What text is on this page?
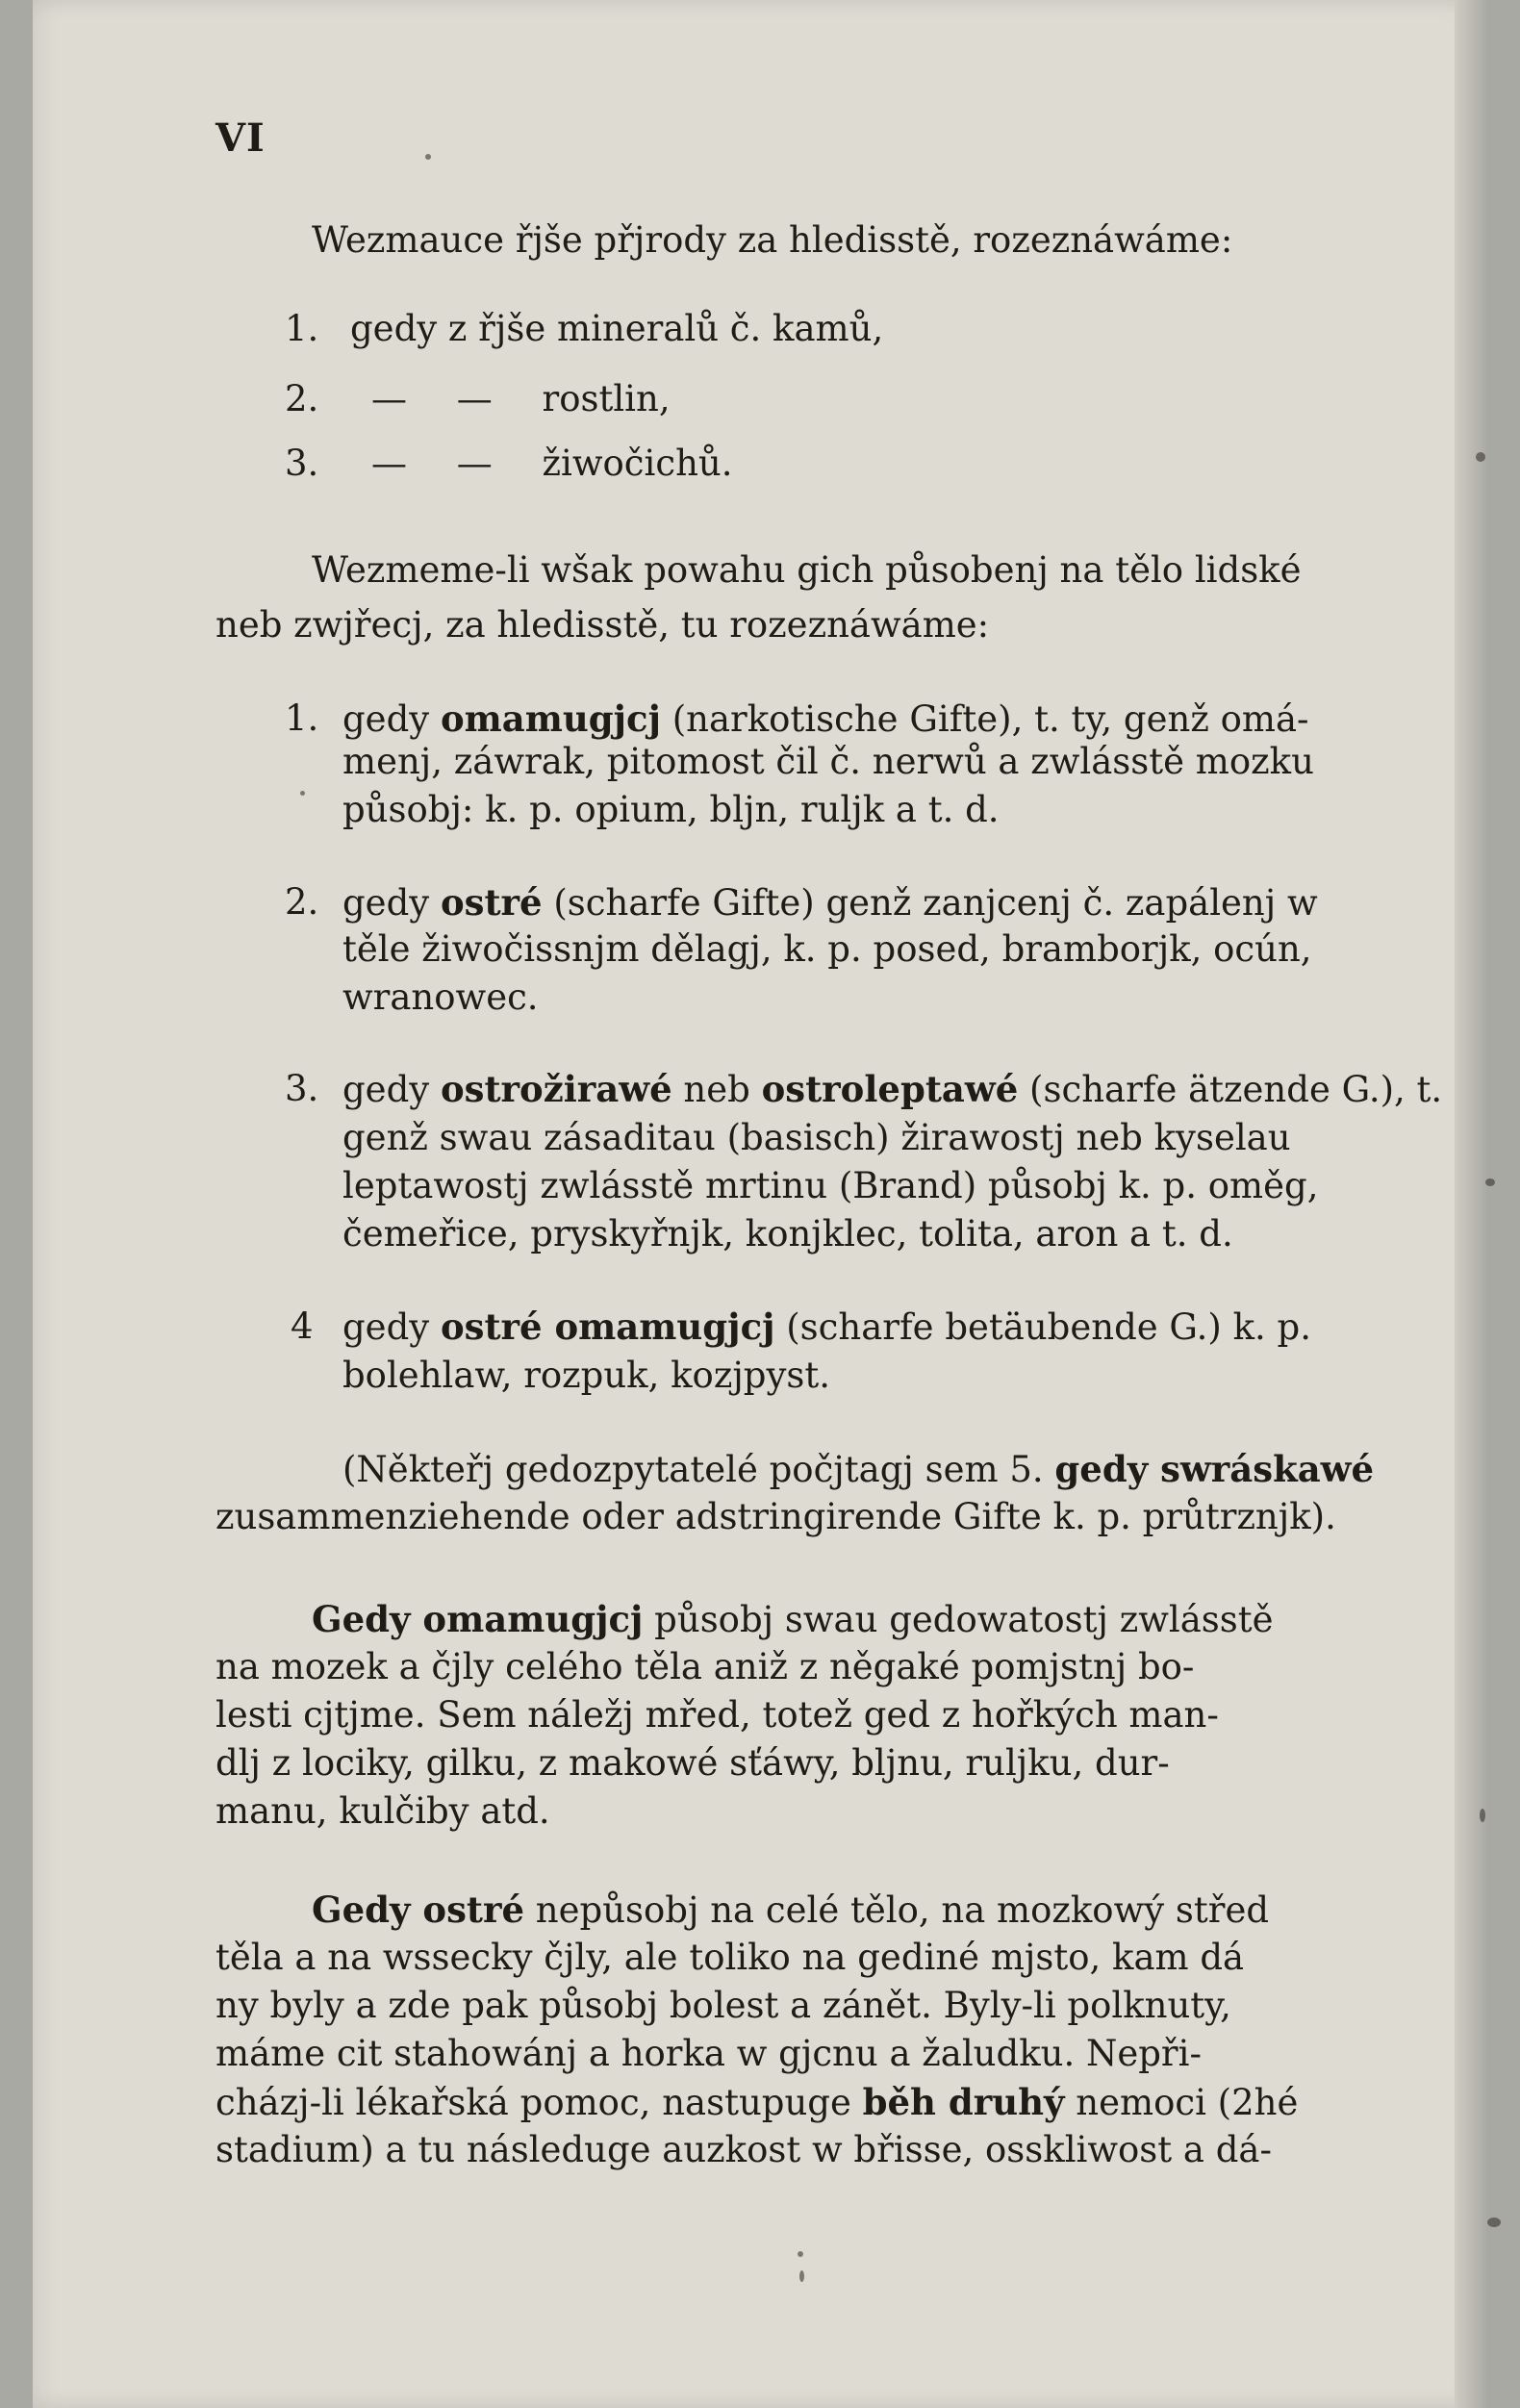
VI
Wezmauce řjše přjrody za hledisstě, rozeznáwáme:
1. gedy z řjše mineralů č. kamů,
2. — — rostlin,
3. — — žiwočichů.
Wezmeme-li wšak powahu gich působenj na tělo lidské
neb zwjřecj, za hledisstě, tu rozeznáwáme:
1. gedy omamugjcj (narkotische Gifte), t. ty, genž omá-
menj, záwrak, pitomost čil č. nerwů a zwlásstě mozku
působj: k. p. opium, bljn, ruljk a t. d.
2. gedy ostré (scharfe Gifte) genž zanjcenj č. zapálenj w
těle žiwočissnjm dělagj, k. p. posed, bramborjk, ocún,
wranowec.
3. gedy ostrožirawé neb ostroleptawé (scharfe ätzende G.), t.
genž swau zásaditau (basisch) žirawostj neb kyselau
leptawostj zwlásstě mrtinu (Brand) působj k. p. oměg,
čemeřice, pryskyřnjk, konjklec, tolita, aron a t. d.
4 gedy ostré omamugjcj (scharfe betäubende G.) k. p.
bolehlaw, rozpuk, kozjpyst.
(Někteřj gedozpytatelé počjtagj sem 5. gedy swráskawé
zusammenziehende oder adstringirende Gifte k. p. průtrznjk).
Gedy omamugjcj působj swau gedowatostj zwlásstě
na mozek a čjly celého těla aniž z něgaké pomjstnj bo-
lesti cjtjme. Sem náležj mřed, totež ged z hořkých man-
dlj z lociky, gilku, z makowé sťáwy, bljnu, ruljku, dur-
manu, kulčiby atd.
Gedy ostré nepůsobj na celé tělo, na mozkowý střed
těla a na wssecky čjly, ale toliko na gediné mjsto, kam dá
ny byly a zde pak působj bolest a zánět. Byly-li polknuty,
máme cit stahowánj a horka w gjcnu a žaludku. Nepři-
cházj-li lékařská pomoc, nastupuge běh druhý nemoci (2hé
stadium) a tu následuge auzkost w břisse, osskliwost a dá-
